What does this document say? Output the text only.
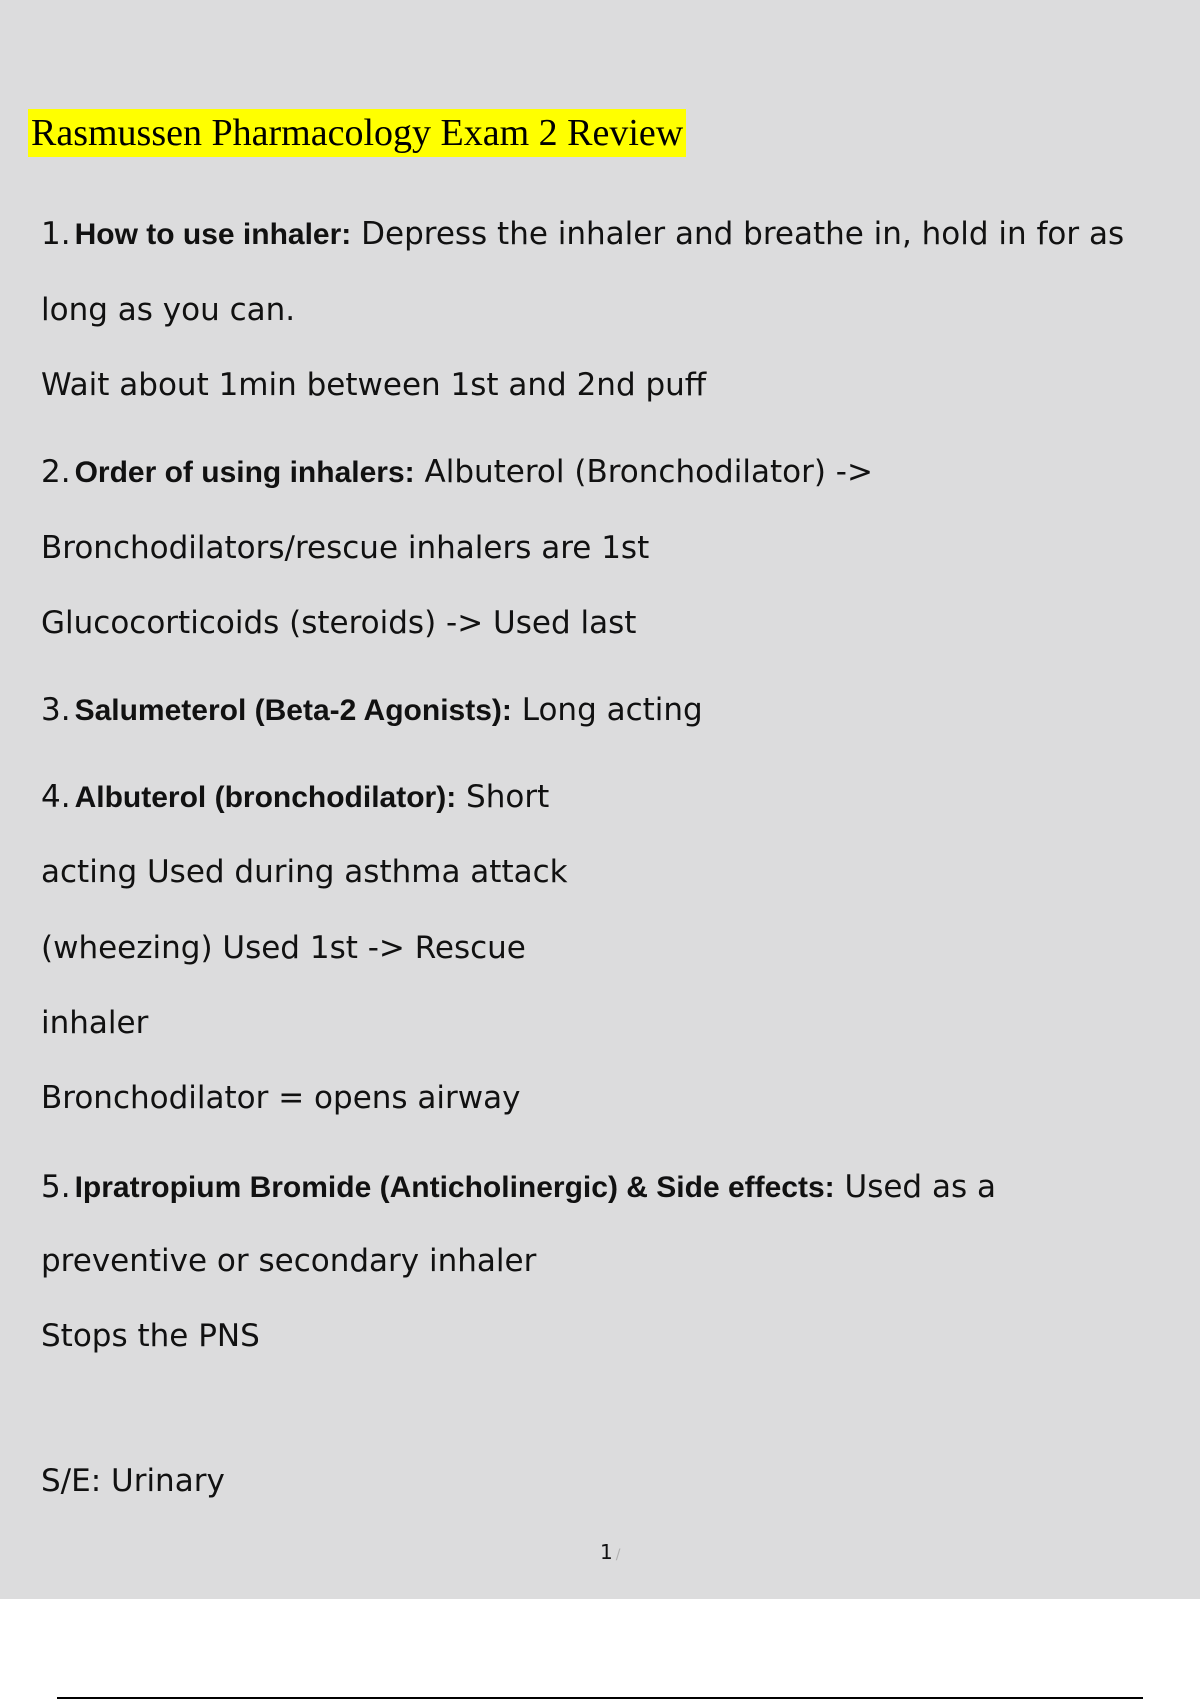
Rasmussen Pharmacology Exam 2 Review
1. How to use inhaler: Depress the inhaler and breathe in, hold in for as
long as you can.
Wait about 1min between 1st and 2nd puff
2. Order of using inhalers: Albuterol (Bronchodilator) ->
Bronchodilators/rescue inhalers are 1st
Glucocorticoids (steroids) -> Used last
3. Salumeterol (Beta-2 Agonists): Long acting
4. Albuterol (bronchodilator): Short
acting Used during asthma attack
(wheezing) Used 1st -> Rescue
inhaler
Bronchodilator = opens airway
5. Ipratropium Bromide (Anticholinergic) & Side effects: Used as a
preventive or secondary inhaler
Stops the PNS
S/E: Urinary
1 /
